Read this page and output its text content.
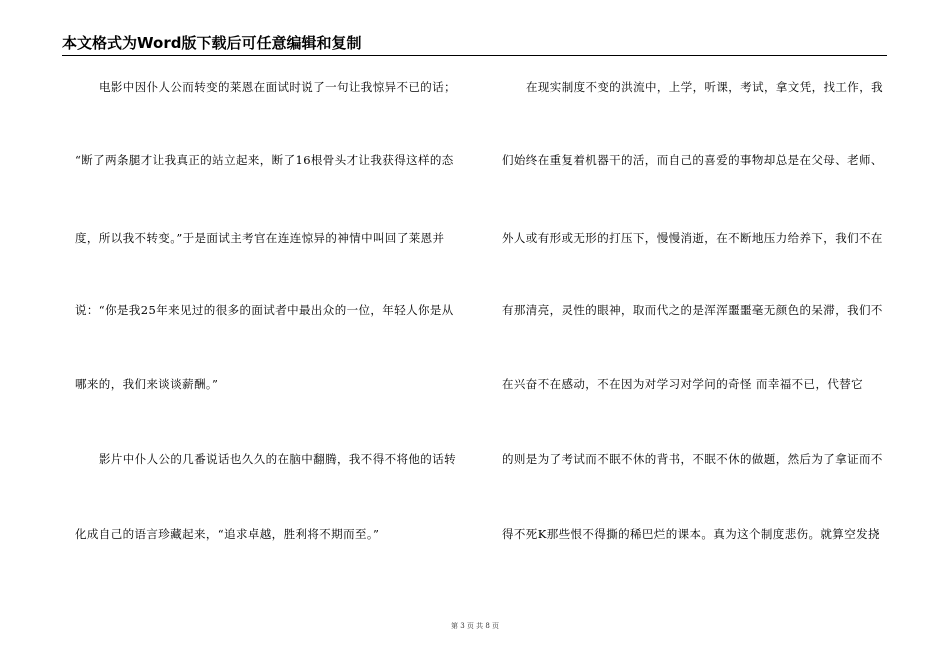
本文格式为Word版下载后可任意编辑和复制
电影中因仆人公而转变的莱恩在面试时说了一句让我惊异不已的话；
“断了两条腿才让我真正的站立起来，断了16根骨头才让我获得这样的态
度，所以我不转变。”于是面试主考官在连连惊异的神情中叫回了莱恩并
说：“你是我25年来见过的很多的面试者中最出众的一位，年轻人你是从
哪来的，我们来谈谈薪酬。”
影片中仆人公的几番说话也久久的在脑中翻腾，我不得不将他的话转
化成自己的语言珍藏起来，“追求卓越，胜利将不期而至。”
在现实制度不变的洪流中，上学，听课，考试，拿文凭，找工作，我
们始终在重复着机器干的活，而自己的喜爱的事物却总是在父母、老师、
外人或有形或无形的打压下，慢慢消逝，在不断地压力给养下，我们不在
有那清亮，灵性的眼神，取而代之的是浑浑噩噩毫无颜色的呆滞，我们不
在兴奋不在感动，不在因为对学习对学问的奇怪 而幸福不已，代替它
的则是为了考试而不眠不休的背书，不眠不休的做题，然后为了拿证而不
得不死K那些恨不得撕的稀巴烂的课本。真为这个制度悲伤。就算空发挠
第 3 页 共 8 页
